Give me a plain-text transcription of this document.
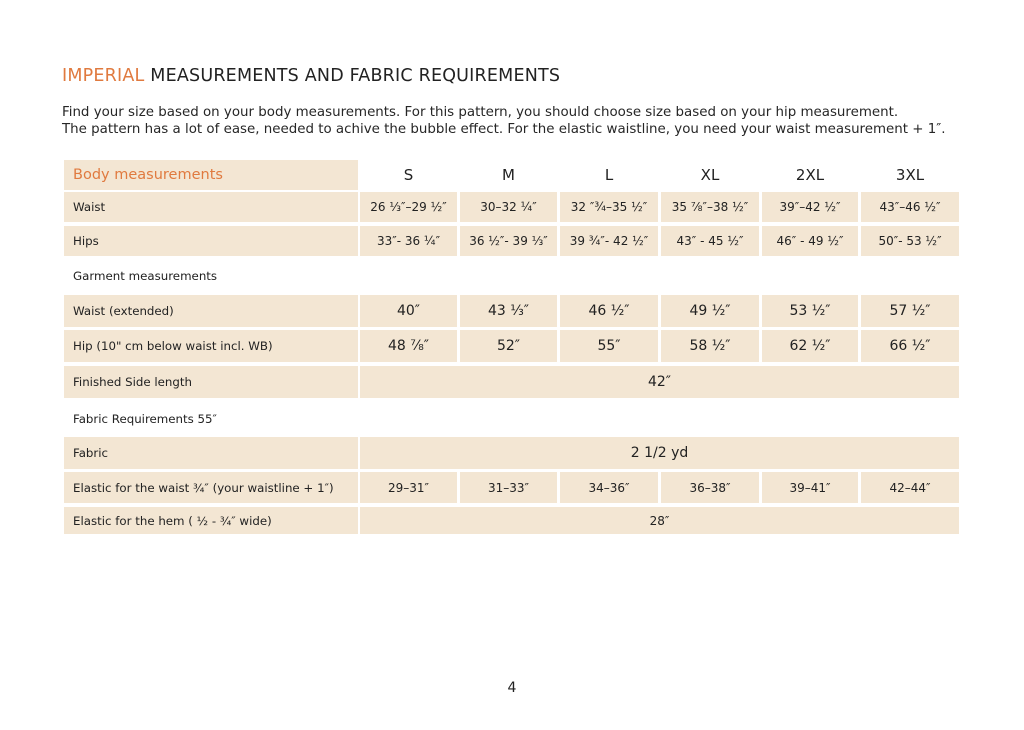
IMPERIAL MEASUREMENTS AND FABRIC REQUIREMENTS
Find your size based on your body measurements. For this pattern, you should choose size based on your hip measurement.
The pattern has a lot of ease, needed to achive the bubble effect. For the elastic waistline, you need your waist measurement + 1″.
Body measurements	S	M	L	XL	2XL	3XL
Waist	26 ⅓″–29 ½″	30–32 ¼″	32 ″¾–35 ½″	35 ⅞″–38 ½″	39″–42 ½″	43″–46 ½″
Hips	33″- 36 ¼″	36 ½″- 39 ⅓″	39 ¾″- 42 ½″	43″ - 45 ½″	46″ - 49 ½″	50″- 53 ½″
Garment measurements
Waist (extended)	40″	43 ⅓″	46 ½″	49 ½″	53 ½″	57 ½″
Hip (10" cm below waist incl. WB)	48 ⅞″	52″	55″	58 ½″	62 ½″	66 ½″
Finished Side length	42″
Fabric Requirements 55″
Fabric	2 1/2 yd
Elastic for the waist ¾″ (your waistline + 1″)	29–31″	31–33″	34–36″	36–38″	39–41″	42–44″
Elastic for the hem ( ½ - ¾″ wide)	28″
4
